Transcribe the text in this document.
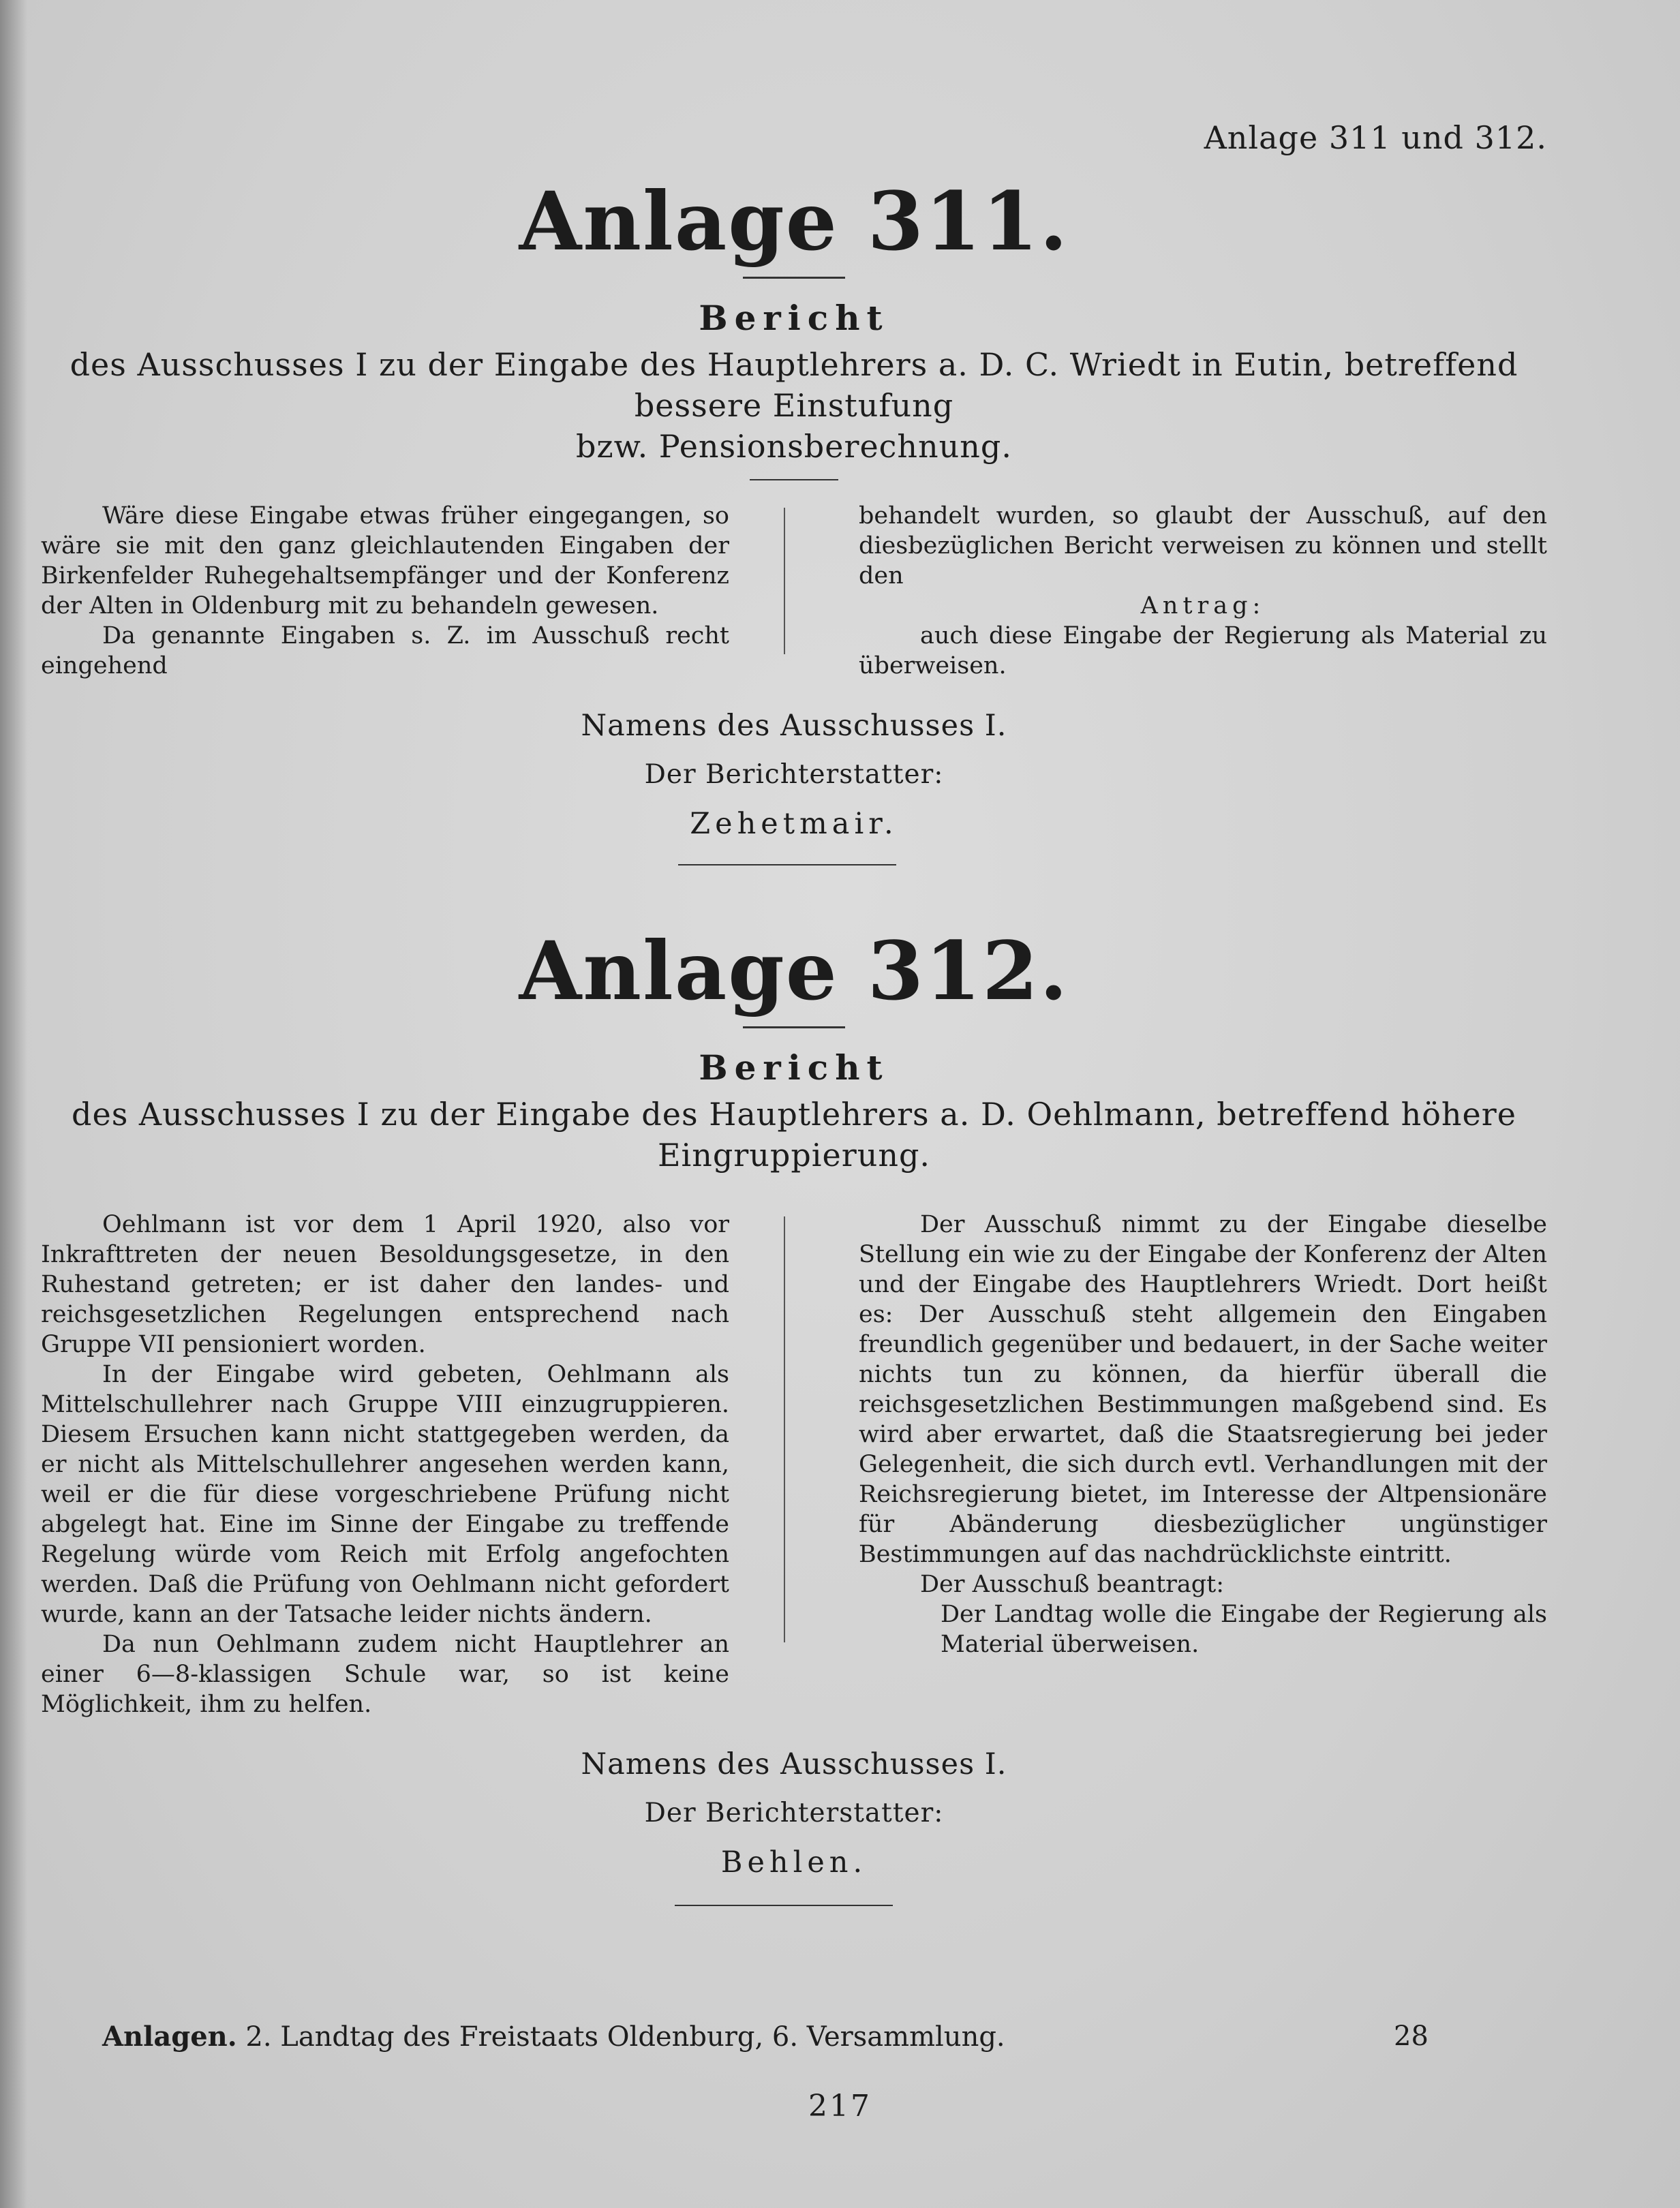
Anlage 311 und 312.
Anlage 311.
Bericht
des Ausschusses I zu der Eingabe des Hauptlehrers a. D. C. Wriedt in Eutin, betreffend bessere Einstufung
bzw. Pensionsberechnung.

Wäre diese Eingabe etwas früher eingegangen, so wäre sie mit den ganz gleichlautenden Eingaben der Birkenfelder Ruhegehaltsempfänger und der Konferenz der Alten in Oldenburg mit zu behandeln gewesen.

Da genannte Eingaben s. Z. im Ausschuß recht eingehend

behandelt wurden, so glaubt der Ausschuß, auf den diesbezüglichen Bericht verweisen zu können und stellt den

Antrag:

auch diese Eingabe der Regierung als Material zu überweisen.

Namens des Ausschusses I.
Der Berichterstatter:
Zehetmair.
Anlage 312.
Bericht
des Ausschusses I zu der Eingabe des Hauptlehrers a. D. Oehlmann, betreffend höhere Eingruppierung.

Oehlmann ist vor dem 1 April 1920, also vor Inkrafttreten der neuen Besoldungsgesetze, in den Ruhestand getreten; er ist daher den landes- und reichsgesetzlichen Regelungen entsprechend nach Gruppe VII pensioniert worden.

In der Eingabe wird gebeten, Oehlmann als Mittelschullehrer nach Gruppe VIII einzugruppieren. Diesem Ersuchen kann nicht stattgegeben werden, da er nicht als Mittelschullehrer angesehen werden kann, weil er die für diese vorgeschriebene Prüfung nicht abgelegt hat. Eine im Sinne der Eingabe zu treffende Regelung würde vom Reich mit Erfolg angefochten werden. Daß die Prüfung von Oehlmann nicht gefordert wurde, kann an der Tatsache leider nichts ändern.

Da nun Oehlmann zudem nicht Hauptlehrer an einer 6—8-klassigen Schule war, so ist keine Möglichkeit, ihm zu helfen.

Der Ausschuß nimmt zu der Eingabe dieselbe Stellung ein wie zu der Eingabe der Konferenz der Alten und der Eingabe des Hauptlehrers Wriedt. Dort heißt es: Der Ausschuß steht allgemein den Eingaben freundlich gegenüber und bedauert, in der Sache weiter nichts tun zu können, da hierfür überall die reichsgesetzlichen Bestimmungen maßgebend sind. Es wird aber erwartet, daß die Staatsregierung bei jeder Gelegenheit, die sich durch evtl. Verhandlungen mit der Reichsregierung bietet, im Interesse der Altpensionäre für Abänderung diesbezüglicher ungünstiger Bestimmungen auf das nachdrücklichste eintritt.

Der Ausschuß beantragt:

Der Landtag wolle die Eingabe der Regierung als Material überweisen.

Namens des Ausschusses I.
Der Berichterstatter:
Behlen.
Anlagen. 2. Landtag des Freistaats Oldenburg, 6. Versammlung.	28
217
